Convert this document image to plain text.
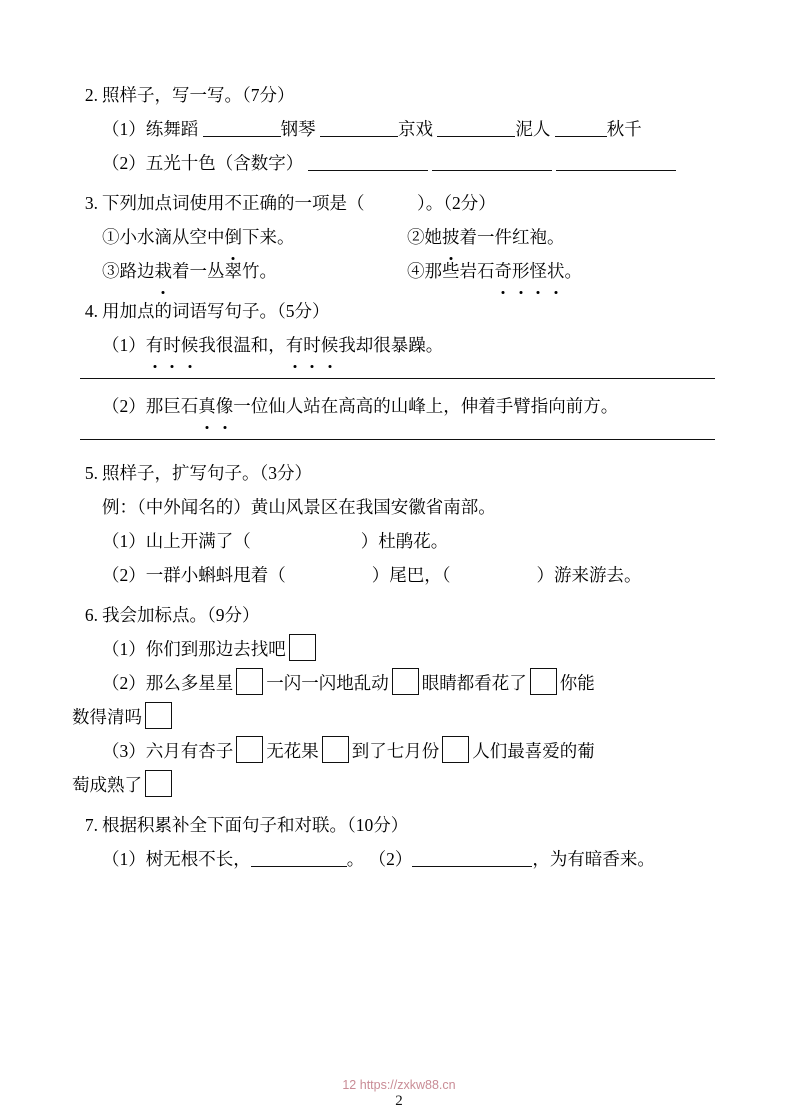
2. 照样子，写一写。（7分）
（1）练舞蹈	钢琴	京戏	泥人	秋千
（2）五光十色（含数字）
3. 下列加点词使用不正确的一项是（　　　）。（2分）
①小水滴从空中倒下来。	②她披着一件红袍。
③路边栽着一丛翠竹。	④那些岩石奇形怪状。
4. 用加点的词语写句子。（5分）
（1）有时候我很温和，有时候我却很暴躁。
（2）那巨石真像一位仙人站在高高的山峰上，伸着手臂指向前方。
5. 照样子，扩写句子。（3分）
例：（中外闻名的）黄山风景区在我国安徽省南部。
（1）山上开满了（	）杜鹃花。
（2）一群小蝌蚪甩着（	）尾巴，（	）游来游去。
6. 我会加标点。（9分）
（1）你们到那边去找吧
（2）那么多星星 一闪一闪地乱动 眼睛都看花了 你能
数得清吗
（3）六月有杏子 无花果 到了七月份 人们最喜爱的葡
萄成熟了
7. 根据积累补全下面句子和对联。（10分）
（1）树无根不长，	。 （2）	，为有暗香来。
12 https://zxkw88.cn
2
